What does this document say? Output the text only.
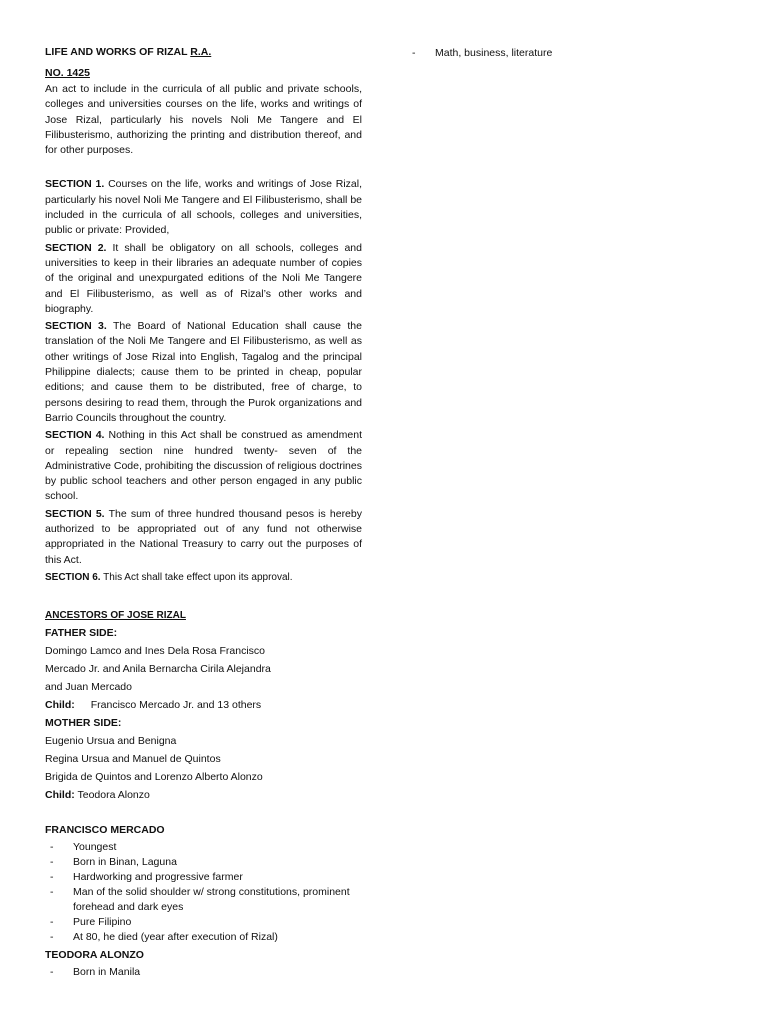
LIFE AND WORKS OF RIZAL R.A.

NO. 1425

An act to include in the curricula of all public and private schools, colleges and universities courses on the life, works and writings of Jose Rizal, particularly his novels Noli Me Tangere and El Filibusterismo, authorizing the printing and distribution thereof, and for other purposes.

SECTION 1. Courses on the life, works and writings of Jose Rizal, particularly his novel Noli Me Tangere and El Filibusterismo, shall be included in the curricula of all schools, colleges and universities, public or private: Provided,

SECTION 2. It shall be obligatory on all schools, colleges and universities to keep in their libraries an adequate number of copies of the original and unexpurgated editions of the Noli Me Tangere and El Filibusterismo, as well as of Rizal’s other works and biography.

SECTION 3. The Board of National Education shall cause the translation of the Noli Me Tangere and El Filibusterismo, as well as other writings of Jose Rizal into English, Tagalog and the principal Philippine dialects; cause them to be printed in cheap, popular editions; and cause them to be distributed, free of charge, to persons desiring to read them, through the Purok organizations and Barrio Councils throughout the country.

SECTION 4. Nothing in this Act shall be construed as amendment or repealing section nine hundred twenty- seven of the Administrative Code, prohibiting the discussion of religious doctrines by public school teachers and other person engaged in any public school.

SECTION 5. The sum of three hundred thousand pesos is hereby authorized to be appropriated out of any fund not otherwise appropriated in the National Treasury to carry out the purposes of this Act.

SECTION 6. This Act shall take effect upon its approval.

ANCESTORS OF JOSE RIZAL

FATHER SIDE:

Domingo Lamco and Ines Dela Rosa Francisco

Mercado Jr. and Anila Bernarcha Cirila Alejandra

and Juan Mercado

Child: Francisco Mercado Jr. and 13 others

MOTHER SIDE:

Eugenio Ursua and Benigna

Regina Ursua and Manuel de Quintos

Brigida de Quintos and Lorenzo Alberto Alonzo

Child: Teodora Alonzo

FRANCISCO MERCADO

- Youngest
- Born in Binan, Laguna
- Hardworking and progressive farmer
- Man of the solid shoulder w/ strong constitutions, prominent forehead and dark eyes
- Pure Filipino
- At 80, he died (year after execution of Rizal)

TEODORA ALONZO

- Born in Manila
- Math, business, literature
